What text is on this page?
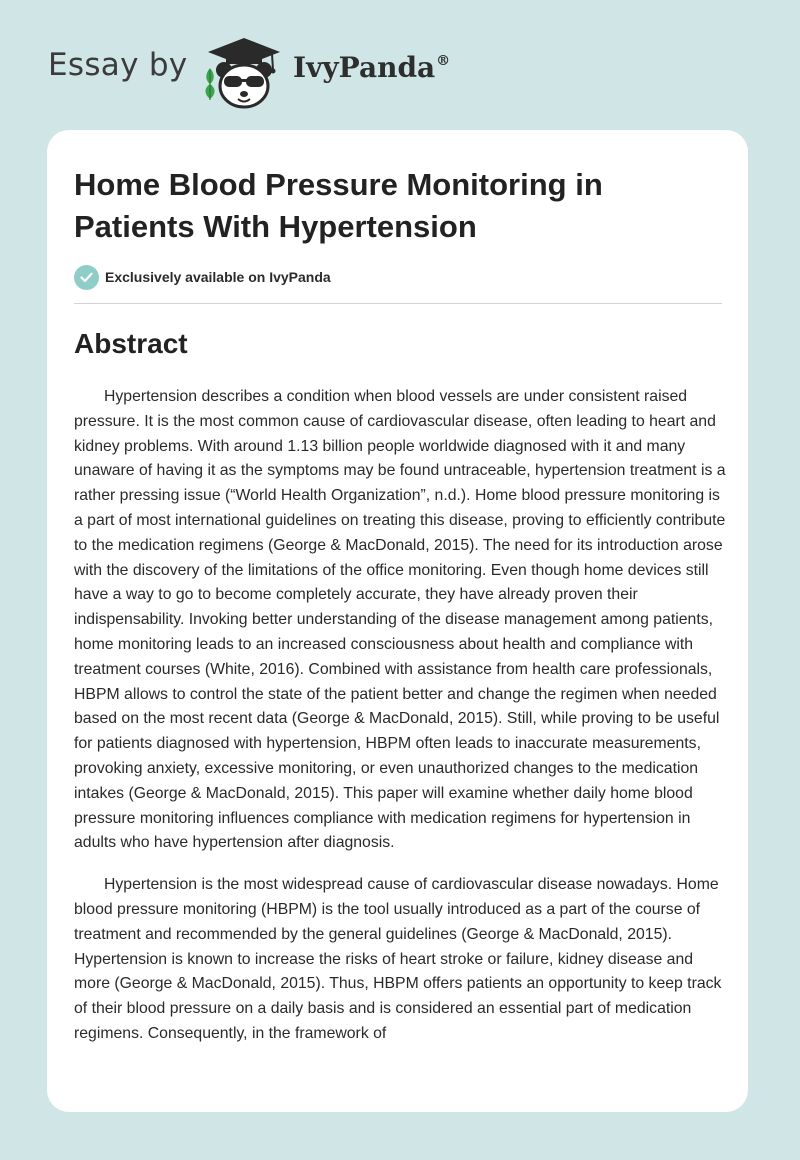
Essay by	IvyPanda®
Home Blood Pressure Monitoring in Patients With Hypertension
Exclusively available on IvyPanda
Abstract

Hypertension describes a condition when blood vessels are under consistent raised pressure. It is the most common cause of cardiovascular disease, often leading to heart and kidney problems. With around 1.13 billion people worldwide diagnosed with it and many unaware of having it as the symptoms may be found untraceable, hypertension treatment is a rather pressing issue (“World Health Organization”, n.d.). Home blood pressure monitoring is a part of most international guidelines on treating this disease, proving to efficiently contribute to the medication regimens (George & MacDonald, 2015). The need for its introduction arose with the discovery of the limitations of the office monitoring. Even though home devices still have a way to go to become completely accurate, they have already proven their indispensability. Invoking better understanding of the disease management among patients, home monitoring leads to an increased consciousness about health and compliance with treatment courses (White, 2016). Combined with assistance from health care professionals, HBPM allows to control the state of the patient better and change the regimen when needed based on the most recent data (George & MacDonald, 2015). Still, while proving to be useful for patients diagnosed with hypertension, HBPM often leads to inaccurate measurements, provoking anxiety, excessive monitoring, or even unauthorized changes to the medication intakes (George & MacDonald, 2015). This paper will examine whether daily home blood pressure monitoring influences compliance with medication regimens for hypertension in adults who have hypertension after diagnosis.

Hypertension is the most widespread cause of cardiovascular disease nowadays. Home blood pressure monitoring (HBPM) is the tool usually introduced as a part of the course of treatment and recommended by the general guidelines (George & MacDonald, 2015). Hypertension is known to increase the risks of heart stroke or failure, kidney disease and more (George & MacDonald, 2015). Thus, HBPM offers patients an opportunity to keep track of their blood pressure on a daily basis and is considered an essential part of medication regimens. Consequently, in the framework of
